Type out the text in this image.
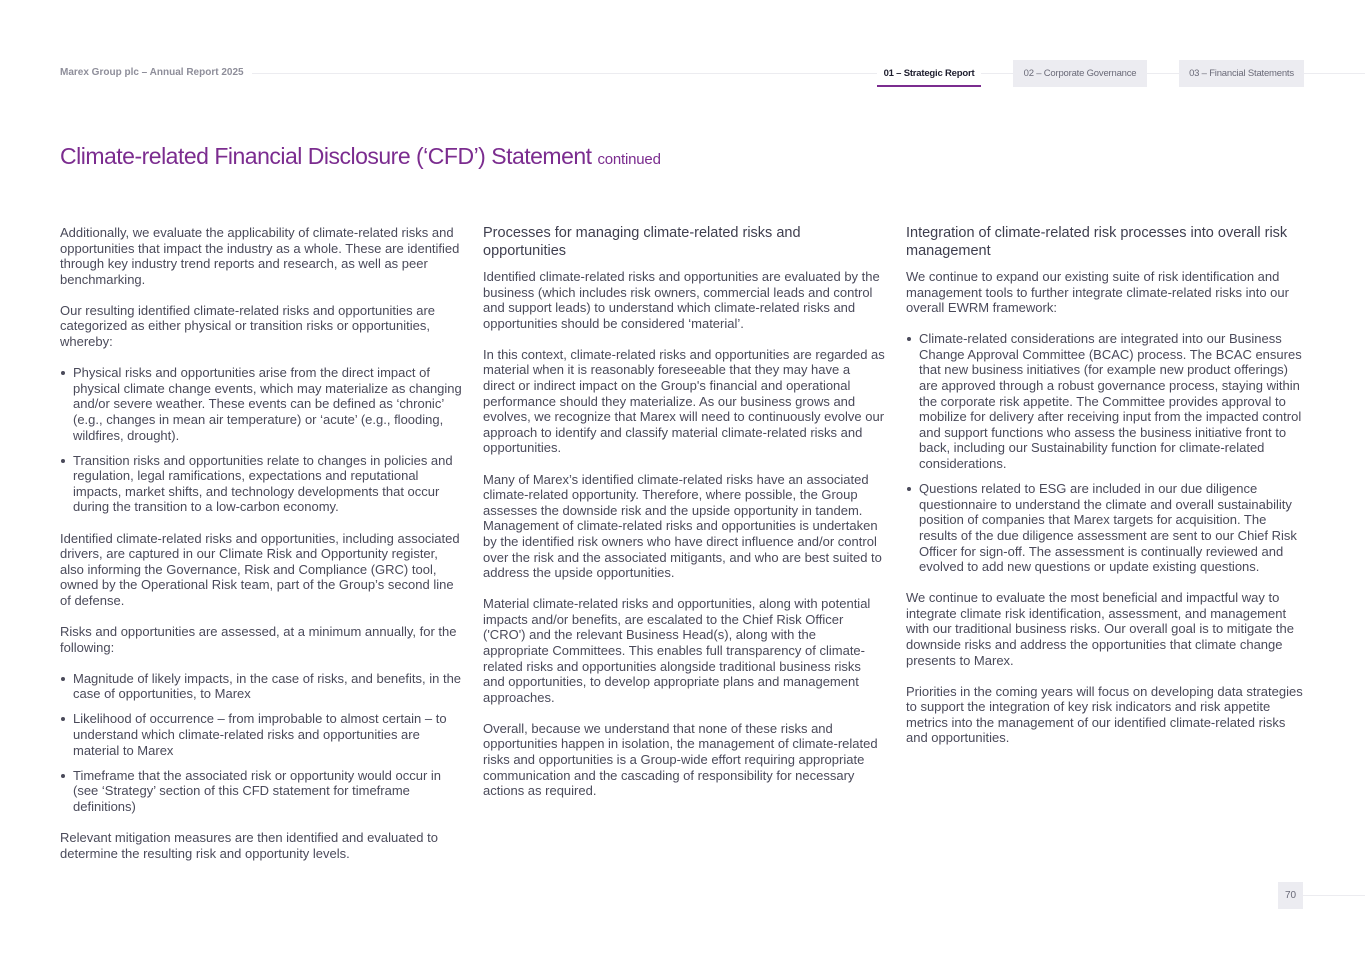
Marex Group plc – Annual Report 2025	01 – Strategic Report	02 – Corporate Governance	03 – Financial Statements
Climate-related Financial Disclosure (‘CFD’) Statement continued

Additionally, we evaluate the applicability of climate-related risks and opportunities that impact the industry as a whole. These are identified through key industry trend reports and research, as well as peer benchmarking.

Our resulting identified climate-related risks and opportunities are categorized as either physical or transition risks or opportunities, whereby:

Physical risks and opportunities arise from the direct impact of physical climate change events, which may materialize as changing and/or severe weather. These events can be defined as ‘chronic’ (e.g., changes in mean air temperature) or ‘acute’ (e.g., flooding, wildfires, drought).
Transition risks and opportunities relate to changes in policies and regulation, legal ramifications, expectations and reputational impacts, market shifts, and technology developments that occur during the transition to a low-carbon economy.

Identified climate-related risks and opportunities, including associated drivers, are captured in our Climate Risk and Opportunity register, also informing the Governance, Risk and Compliance (GRC) tool, owned by the Operational Risk team, part of the Group’s second line of defense.

Risks and opportunities are assessed, at a minimum annually, for the following:

Magnitude of likely impacts, in the case of risks, and benefits, in the case of opportunities, to Marex
Likelihood of occurrence – from improbable to almost certain – to understand which climate-related risks and opportunities are material to Marex
Timeframe that the associated risk or opportunity would occur in (see ‘Strategy’ section of this CFD statement for timeframe definitions)

Relevant mitigation measures are then identified and evaluated to determine the resulting risk and opportunity levels.

Processes for managing climate-related risks and opportunities

Identified climate-related risks and opportunities are evaluated by the business (which includes risk owners, commercial leads and control and support leads) to understand which climate-related risks and opportunities should be considered ‘material’.

In this context, climate-related risks and opportunities are regarded as material when it is reasonably foreseeable that they may have a direct or indirect impact on the Group's financial and operational performance should they materialize. As our business grows and evolves, we recognize that Marex will need to continuously evolve our approach to identify and classify material climate-related risks and opportunities.

Many of Marex’s identified climate-related risks have an associated climate-related opportunity. Therefore, where possible, the Group assesses the downside risk and the upside opportunity in tandem. Management of climate-related risks and opportunities is undertaken by the identified risk owners who have direct influence and/or control over the risk and the associated mitigants, and who are best suited to address the upside opportunities.

Material climate-related risks and opportunities, along with potential impacts and/or benefits, are escalated to the Chief Risk Officer ('CRO') and the relevant Business Head(s), along with the appropriate Committees. This enables full transparency of climate-related risks and opportunities alongside traditional business risks and opportunities, to develop appropriate plans and management approaches.

Overall, because we understand that none of these risks and opportunities happen in isolation, the management of climate-related risks and opportunities is a Group-wide effort requiring appropriate communication and the cascading of responsibility for necessary actions as required.

Integration of climate-related risk processes into overall risk management

We continue to expand our existing suite of risk identification and management tools to further integrate climate-related risks into our overall EWRM framework:

Climate-related considerations are integrated into our Business Change Approval Committee (BCAC) process. The BCAC ensures that new business initiatives (for example new product offerings) are approved through a robust governance process, staying within the corporate risk appetite. The Committee provides approval to mobilize for delivery after receiving input from the impacted control and support functions who assess the business initiative front to back, including our Sustainability function for climate-related considerations.
Questions related to ESG are included in our due diligence questionnaire to understand the climate and overall sustainability position of companies that Marex targets for acquisition. The results of the due diligence assessment are sent to our Chief Risk Officer for sign-off. The assessment is continually reviewed and evolved to add new questions or update existing questions.

We continue to evaluate the most beneficial and impactful way to integrate climate risk identification, assessment, and management with our traditional business risks. Our overall goal is to mitigate the downside risks and address the opportunities that climate change presents to Marex.

Priorities in the coming years will focus on developing data strategies to support the integration of key risk indicators and risk appetite metrics into the management of our identified climate-related risks and opportunities.

70
